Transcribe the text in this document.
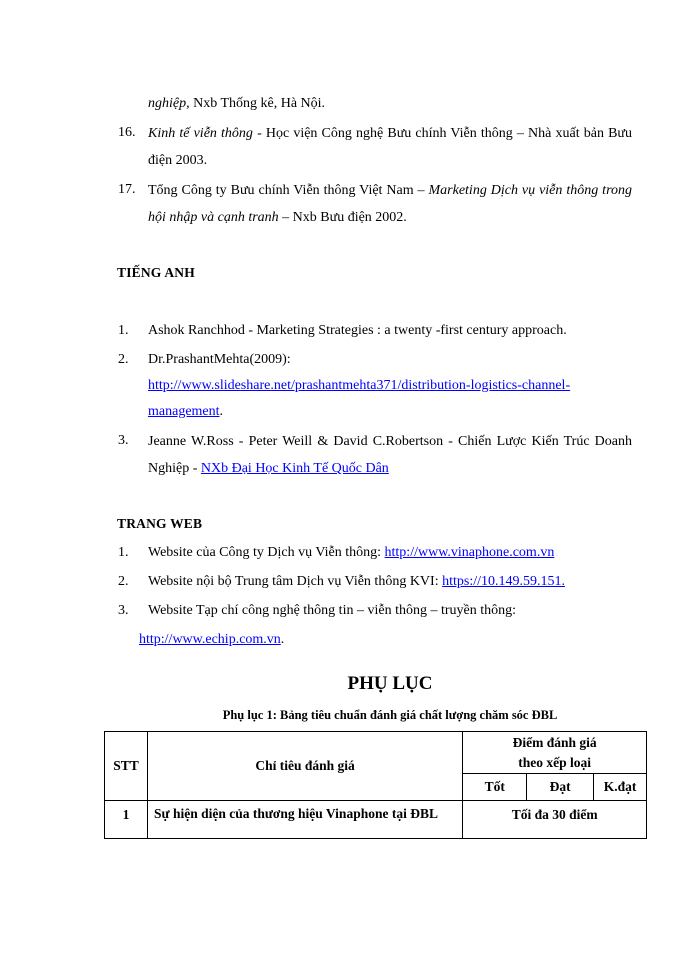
nghiệp, Nxb Thống kê, Hà Nội.
16. Kinh tế viễn thông - Học viện Công nghệ Bưu chính Viễn thông – Nhà xuất bản Bưu điện 2003.
17. Tổng Công ty Bưu chính Viễn thông Việt Nam – Marketing Dịch vụ viễn thông trong hội nhập và cạnh tranh – Nxb Bưu điện 2002.
TIẾNG ANH
1. Ashok Ranchhod - Marketing Strategies : a twenty -first century approach.
2. Dr.PrashantMehta(2009):
http://www.slideshare.net/prashantmehta371/distribution-logistics-channel-
management.
3. Jeanne W.Ross - Peter Weill & David C.Robertson - Chiến Lược Kiến Trúc Doanh Nghiệp - NXb Đại Học Kinh Tế Quốc Dân
TRANG WEB
1. Website của Công ty Dịch vụ Viễn thông: http://www.vinaphone.com.vn
2. Website nội bộ Trung tâm Dịch vụ Viễn thông KVI: https://10.149.59.151.
3. Website Tạp chí công nghệ thông tin – viễn thông – truyền thông:
http://www.echip.com.vn.
PHỤ LỤC
Phụ lục 1: Bảng tiêu chuẩn đánh giá chất lượng chăm sóc ĐBL
STT	Chỉ tiêu đánh giá	Điểm đánh giá
theo xếp loại		

		Tốt	Đạt	K.đạt
1	Sự hiện diện của thương hiệu Vinaphone tại ĐBL	Tối đa 30 điểm		
